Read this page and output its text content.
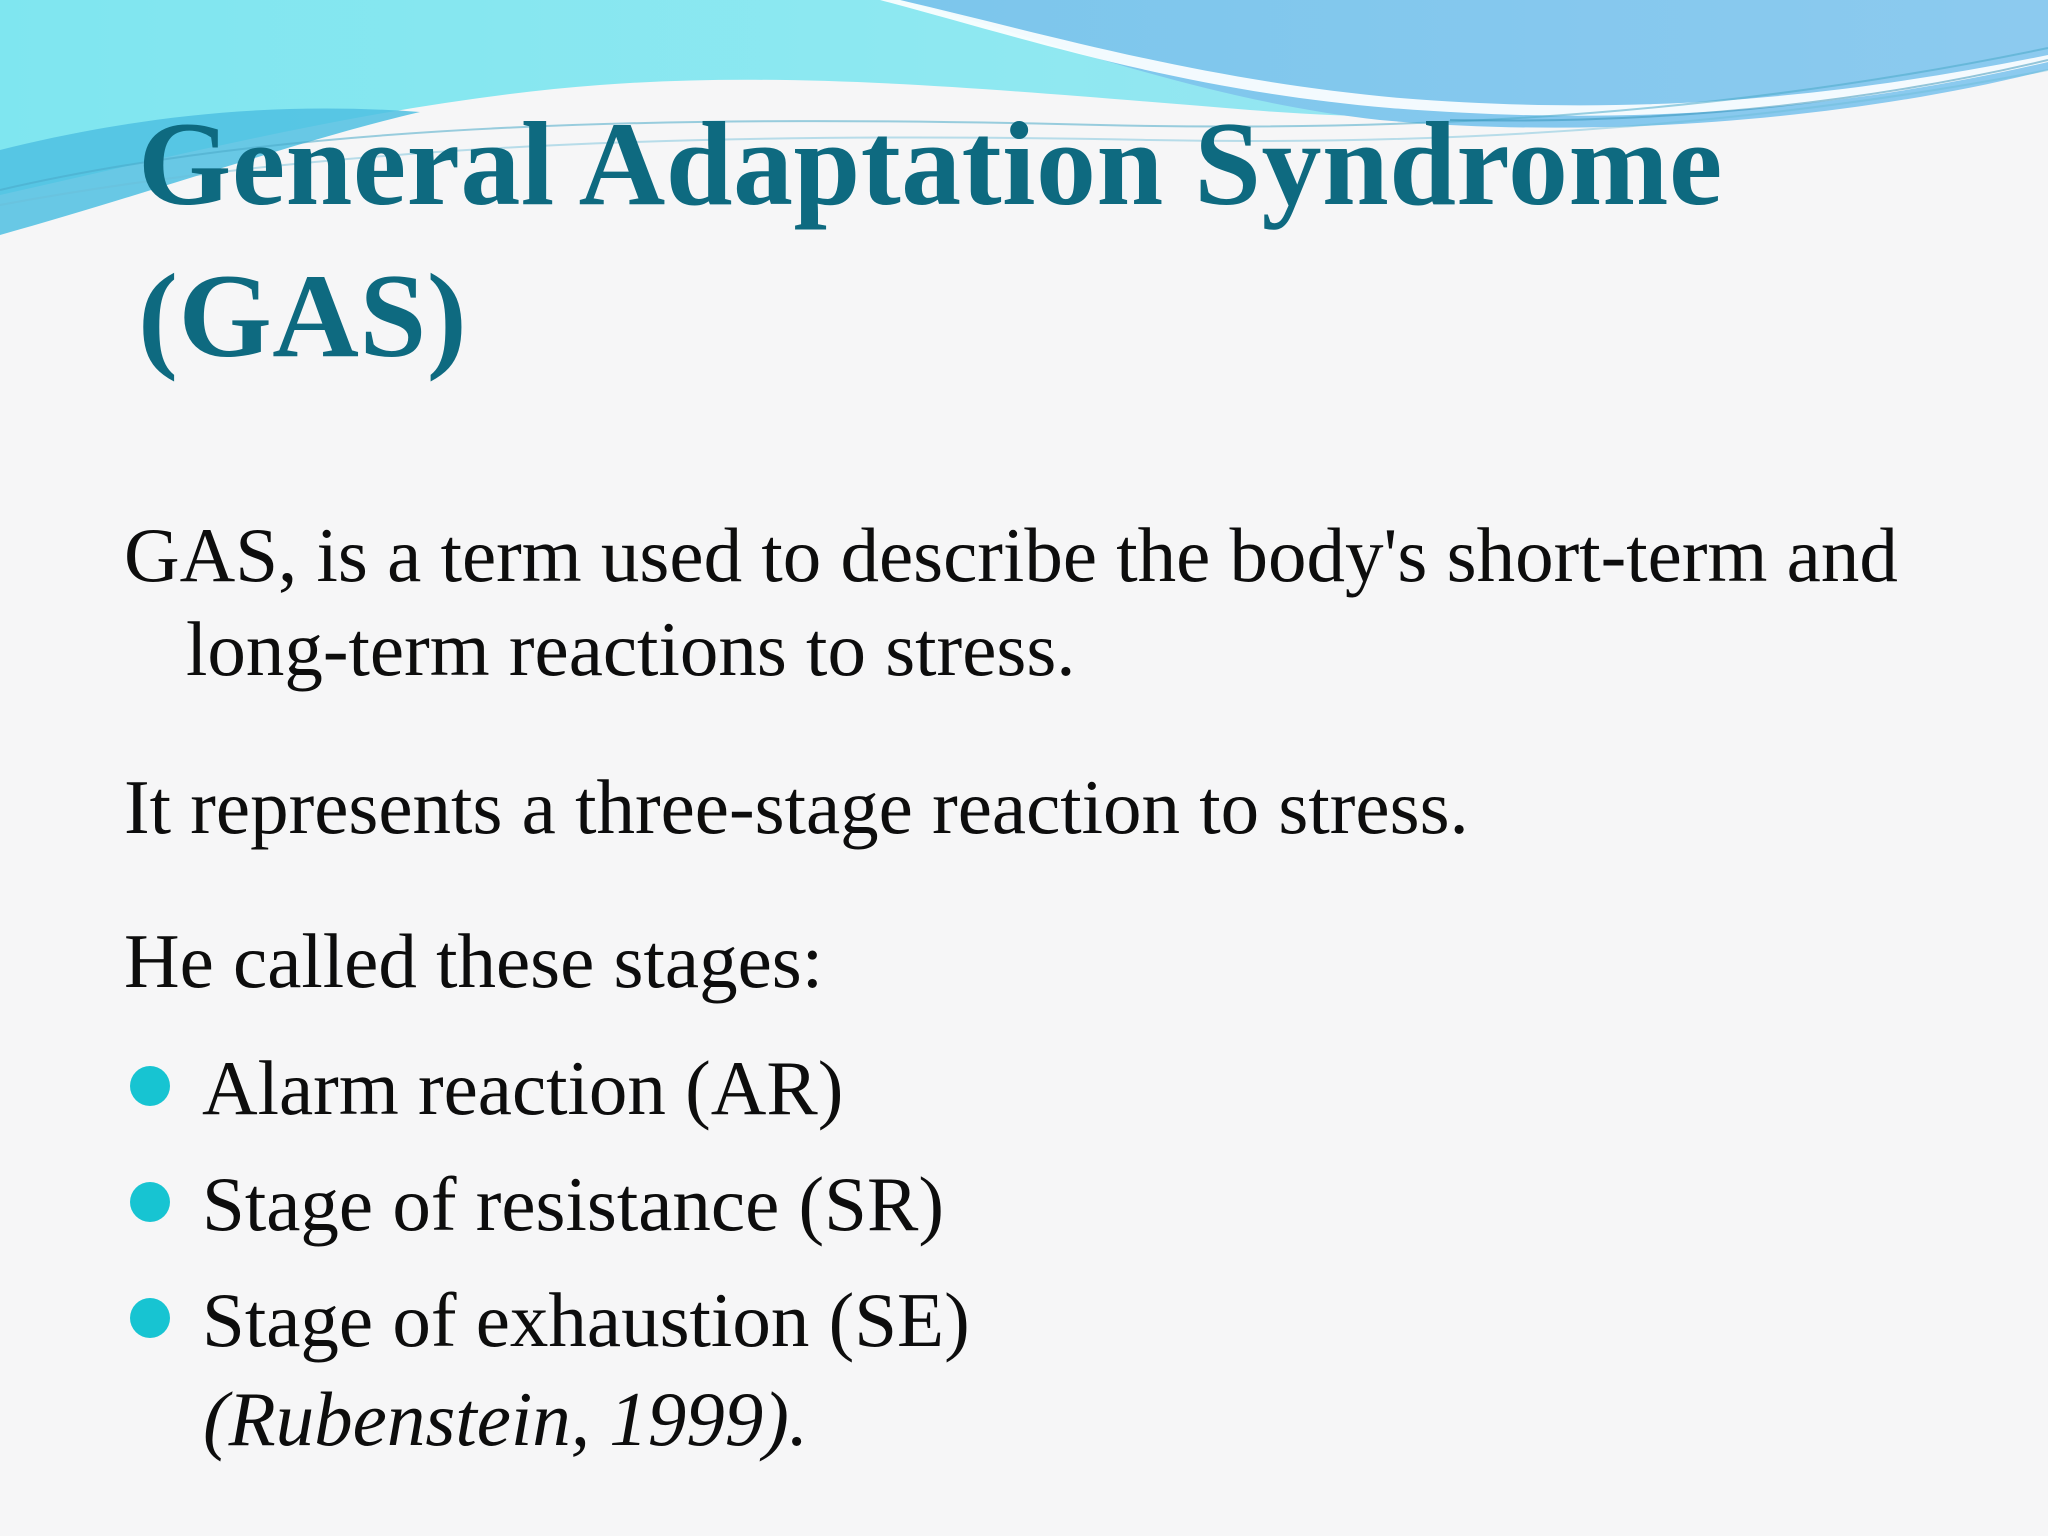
General Adaptation Syndrome (GAS)

GAS, is a term used to describe the body's short-term and long-term reactions to stress.

It represents a three-stage reaction to stress.

He called these stages:

Alarm reaction (AR)
Stage of resistance (SR)
Stage of exhaustion (SE)

(Rubenstein, 1999).
